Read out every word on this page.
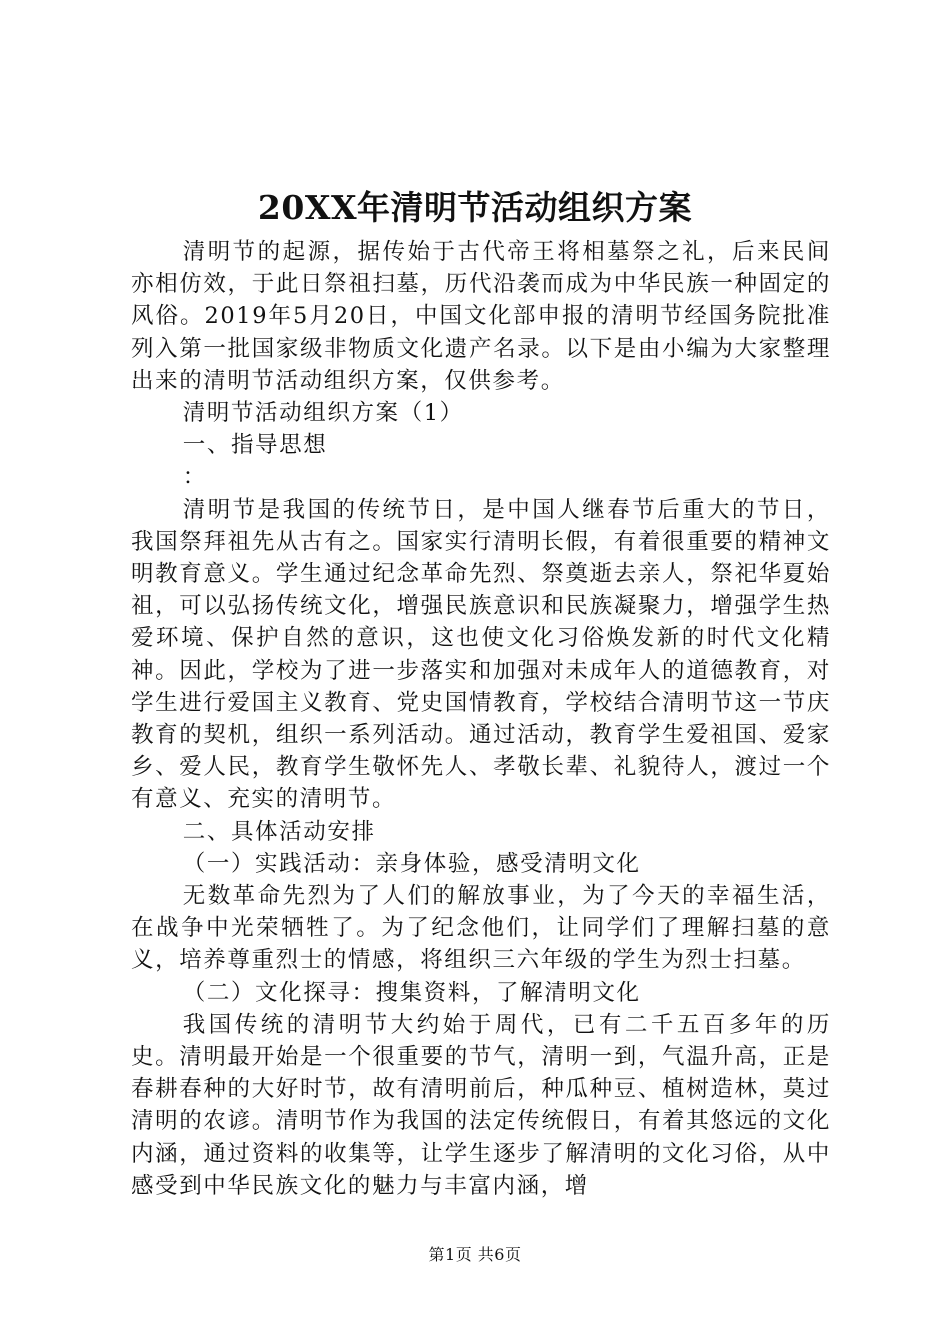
20XX年清明节活动组织方案

清明节的起源，据传始于古代帝王将相墓祭之礼，后来民间亦相仿效，于此日祭祖扫墓，历代沿袭而成为中华民族一种固定的风俗。2019年5月20日，中国文化部申报的清明节经国务院批准列入第一批国家级非物质文化遗产名录。以下是由小编为大家整理出来的清明节活动组织方案，仅供参考。

清明节活动组织方案（1）

一、指导思想

：

清明节是我国的传统节日，是中国人继春节后重大的节日，我国祭拜祖先从古有之。国家实行清明长假，有着很重要的精神文明教育意义。学生通过纪念革命先烈、祭奠逝去亲人，祭祀华夏始祖，可以弘扬传统文化，增强民族意识和民族凝聚力，增强学生热爱环境、保护自然的意识，这也使文化习俗焕发新的时代文化精神。因此，学校为了进一步落实和加强对未成年人的道德教育，对学生进行爱国主义教育、党史国情教育，学校结合清明节这一节庆教育的契机，组织一系列活动。通过活动，教育学生爱祖国、爱家乡、爱人民，教育学生敬怀先人、孝敬长辈、礼貌待人，渡过一个有意义、充实的清明节。

二、具体活动安排

（一）实践活动：亲身体验，感受清明文化

无数革命先烈为了人们的解放事业，为了今天的幸福生活，在战争中光荣牺牲了。为了纪念他们，让同学们了理解扫墓的意义，培养尊重烈士的情感，将组织三六年级的学生为烈士扫墓。

（二）文化探寻：搜集资料，了解清明文化

我国传统的清明节大约始于周代，已有二千五百多年的历史。清明最开始是一个很重要的节气，清明一到，气温升高，正是春耕春种的大好时节，故有清明前后，种瓜种豆、植树造林，莫过清明的农谚。清明节作为我国的法定传统假日，有着其悠远的文化内涵，通过资料的收集等，让学生逐步了解清明的文化习俗，从中感受到中华民族文化的魅力与丰富内涵，增

第1页 共6页
